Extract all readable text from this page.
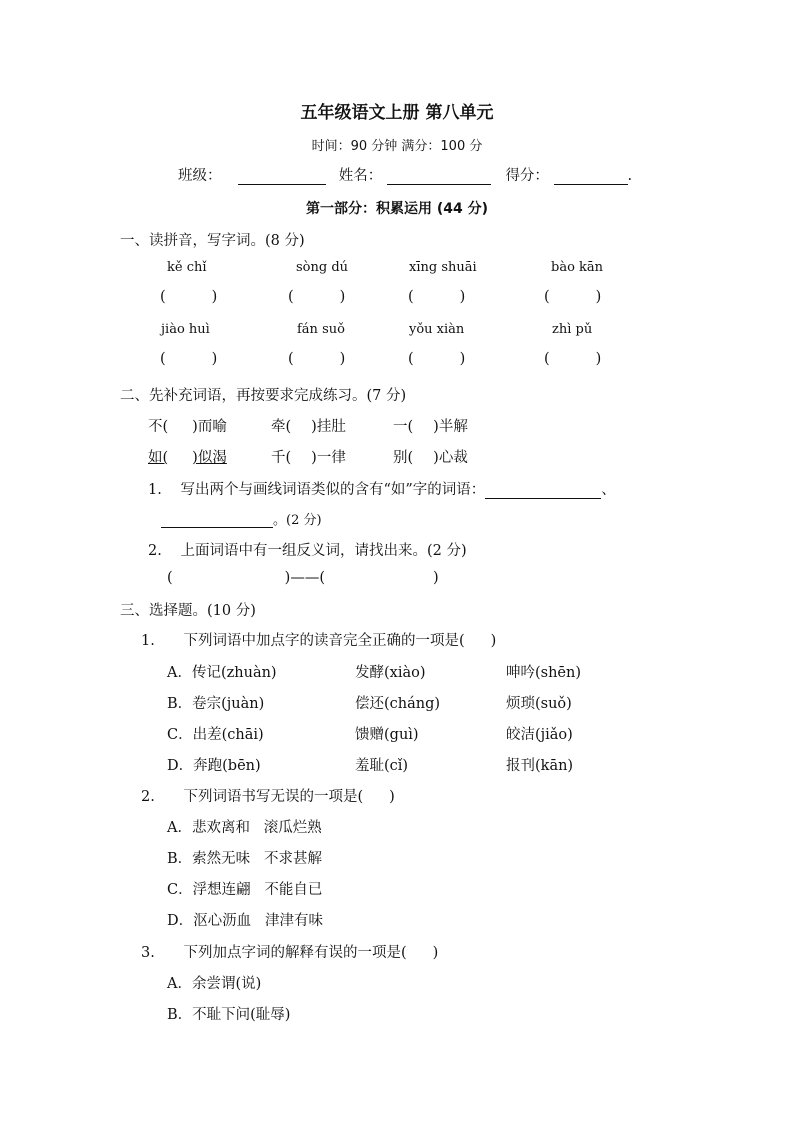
五年级语文上册 第八单元
时间：90 分钟 满分：100 分
班级：	姓名：	得分：	.
第一部分：积累运用 (44 分)
一、读拼音，写字词。(8 分)
kě chǐ	sòng dú	xīng shuāi	bào kān
(	)	(	)	(	)	(	)
jiào huì	fán suǒ	yǒu xiàn	zhì pǔ
(	)	(	)	(	)	(	)
二、先补充词语，再按要求完成练习。(7 分)
不( )而喻	牵( )挂肚	一( )半解
如( )似渴	千( )一律	别( )心裁
1. 写出两个与画线词语类似的含有“如”字的词语：	、
。(2 分)
2. 上面词语中有一组反义词，请找出来。(2 分)
(	)——(	)
三、选择题。(10 分)
1. 下列词语中加点字的读音完全正确的一项是( )
A．传记(zhuàn)	发酵(xiào)	呻吟(shēn)
B．卷宗(juàn)	偿还(cháng)	烦琐(suǒ)
C．出差(chāi)	馈赠(guì)	皎洁(jiǎo)
D．奔跑(bēn)	羞耻(cǐ)	报刊(kān)
2. 下列词语书写无误的一项是( )
A．悲欢离和   滚瓜烂熟
B．索然无味   不求甚解
C．浮想连翩   不能自已
D．沤心沥血   津津有味
3. 下列加点字词的解释有误的一项是( )
A．余尝谓(说)
B．不耻下问(耻辱)
